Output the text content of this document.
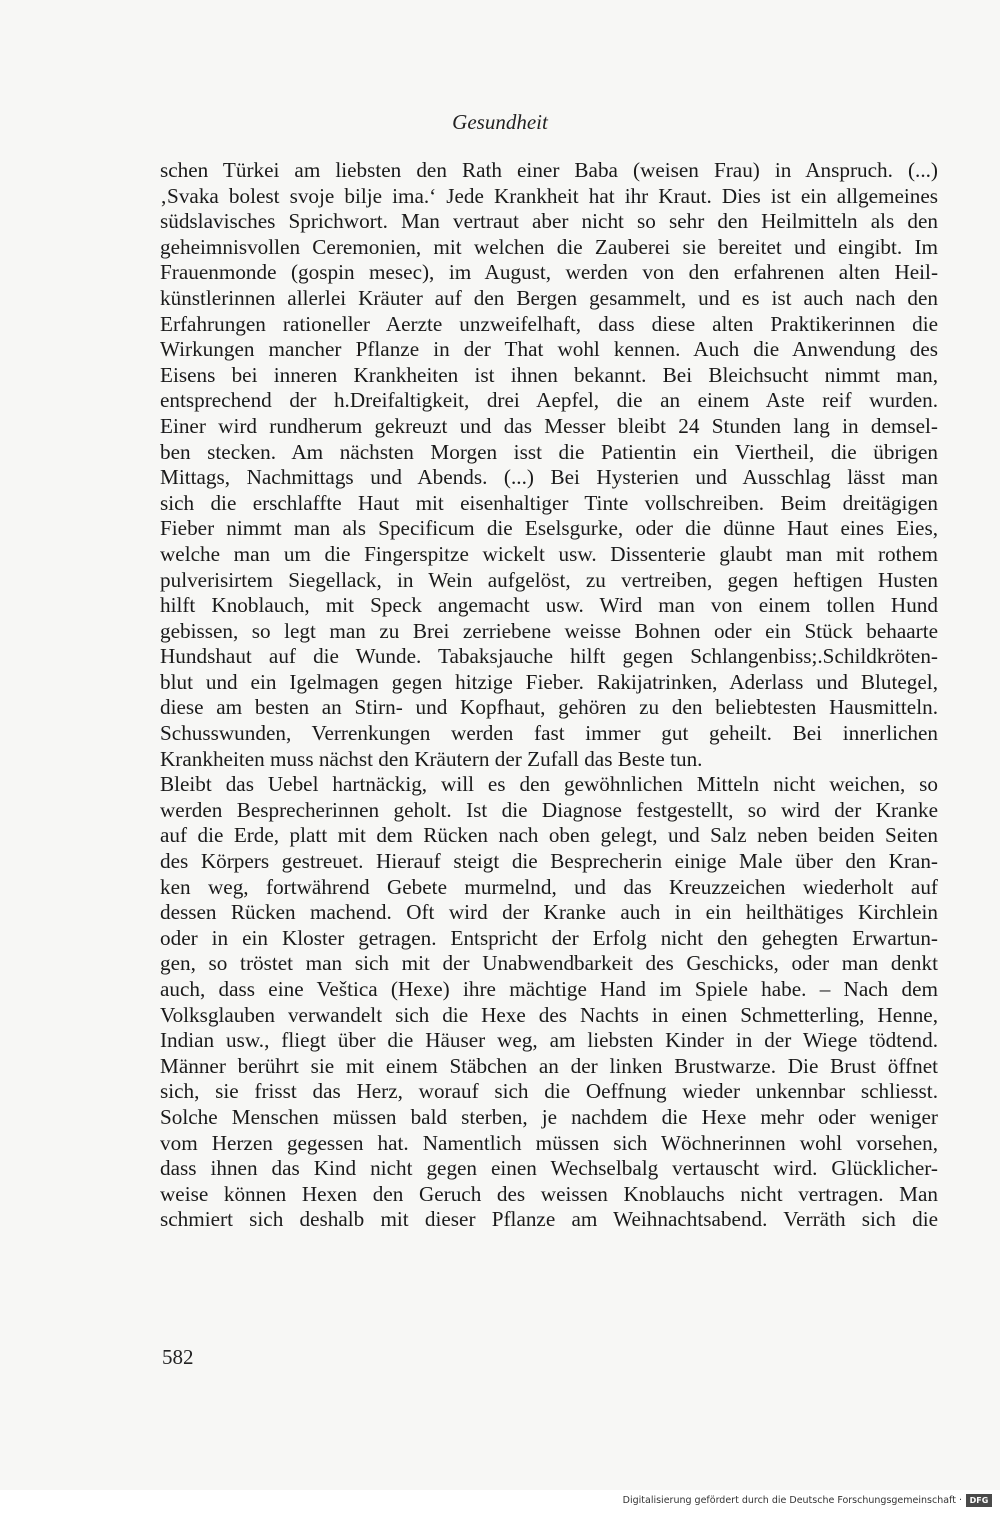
Gesundheit
schen Türkei am liebsten den Rath einer Baba (weisen Frau) in Anspruch. (...)
‚Svaka bolest svoje bilje ima.‘ Jede Krankheit hat ihr Kraut. Dies ist ein allgemeines
südslavisches Sprichwort. Man vertraut aber nicht so sehr den Heilmitteln als den
geheimnisvollen Ceremonien, mit welchen die Zauberei sie bereitet und eingibt. Im
Frauenmonde (gospin mesec), im August, werden von den erfahrenen alten Heil-
künstlerinnen allerlei Kräuter auf den Bergen gesammelt, und es ist auch nach den
Erfahrungen rationeller Aerzte unzweifelhaft, dass diese alten Praktikerinnen die
Wirkungen mancher Pflanze in der That wohl kennen. Auch die Anwendung des
Eisens bei inneren Krankheiten ist ihnen bekannt. Bei Bleichsucht nimmt man,
entsprechend der h.Dreifaltigkeit, drei Aepfel, die an einem Aste reif wurden.
Einer wird rundherum gekreuzt und das Messer bleibt 24 Stunden lang in demsel-
ben stecken. Am nächsten Morgen isst die Patientin ein Viertheil, die übrigen
Mittags, Nachmittags und Abends. (...) Bei Hysterien und Ausschlag lässt man
sich die erschlaffte Haut mit eisenhaltiger Tinte vollschreiben. Beim dreitägigen
Fieber nimmt man als Specificum die Eselsgurke, oder die dünne Haut eines Eies,
welche man um die Fingerspitze wickelt usw. Dissenterie glaubt man mit rothem
pulverisirtem Siegellack, in Wein aufgelöst, zu vertreiben, gegen heftigen Husten
hilft Knoblauch, mit Speck angemacht usw. Wird man von einem tollen Hund
gebissen, so legt man zu Brei zerriebene weisse Bohnen oder ein Stück behaarte
Hundshaut auf die Wunde. Tabaksjauche hilft gegen Schlangenbiss;.Schildkröten-
blut und ein Igelmagen gegen hitzige Fieber. Rakijatrinken, Aderlass und Blutegel,
diese am besten an Stirn- und Kopfhaut, gehören zu den beliebtesten Hausmitteln.
Schusswunden, Verrenkungen werden fast immer gut geheilt. Bei innerlichen
Krankheiten muss nächst den Kräutern der Zufall das Beste tun.
Bleibt das Uebel hartnäckig, will es den gewöhnlichen Mitteln nicht weichen, so
werden Besprecherinnen geholt. Ist die Diagnose festgestellt, so wird der Kranke
auf die Erde, platt mit dem Rücken nach oben gelegt, und Salz neben beiden Seiten
des Körpers gestreuet. Hierauf steigt die Besprecherin einige Male über den Kran-
ken weg, fortwährend Gebete murmelnd, und das Kreuzzeichen wiederholt auf
dessen Rücken machend. Oft wird der Kranke auch in ein heilthätiges Kirchlein
oder in ein Kloster getragen. Entspricht der Erfolg nicht den gehegten Erwartun-
gen, so tröstet man sich mit der Unabwendbarkeit des Geschicks, oder man denkt
auch, dass eine Veštica (Hexe) ihre mächtige Hand im Spiele habe. – Nach dem
Volksglauben verwandelt sich die Hexe des Nachts in einen Schmetterling, Henne,
Indian usw., fliegt über die Häuser weg, am liebsten Kinder in der Wiege tödtend.
Männer berührt sie mit einem Stäbchen an der linken Brustwarze. Die Brust öffnet
sich, sie frisst das Herz, worauf sich die Oeffnung wieder unkennbar schliesst.
Solche Menschen müssen bald sterben, je nachdem die Hexe mehr oder weniger
vom Herzen gegessen hat. Namentlich müssen sich Wöchnerinnen wohl vorsehen,
dass ihnen das Kind nicht gegen einen Wechselbalg vertauscht wird. Glücklicher-
weise können Hexen den Geruch des weissen Knoblauchs nicht vertragen. Man
schmiert sich deshalb mit dieser Pflanze am Weihnachtsabend. Verräth sich die
582
Digitalisierung gefördert durch die Deutsche Forschungsgemeinschaft · DFG
